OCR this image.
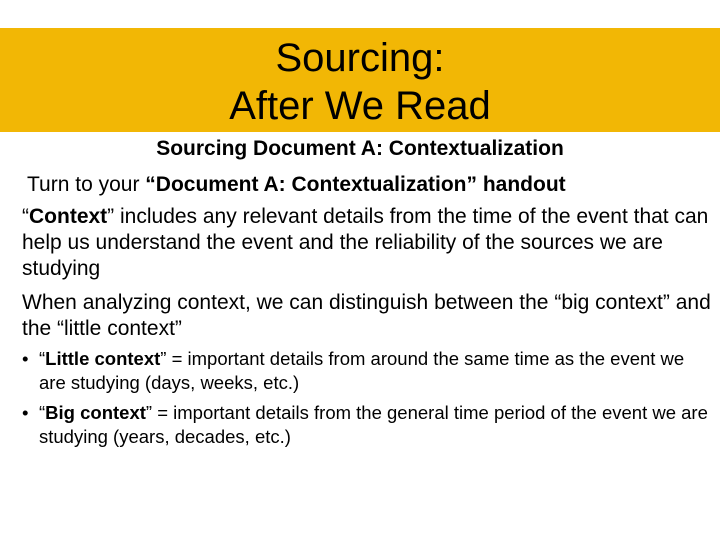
Sourcing:
After We Read
Sourcing Document A: Contextualization

Turn to your “Document A: Contextualization” handout

“Context” includes any relevant details from the time of the event that can help us understand the event and the reliability of the sources we are studying

When analyzing context, we can distinguish between the “big context” and the “little context”

• “Little context” = important details from around the same time as the event we are studying (days, weeks, etc.)
• “Big context” = important details from the general time period of the event we are studying (years, decades, etc.)
